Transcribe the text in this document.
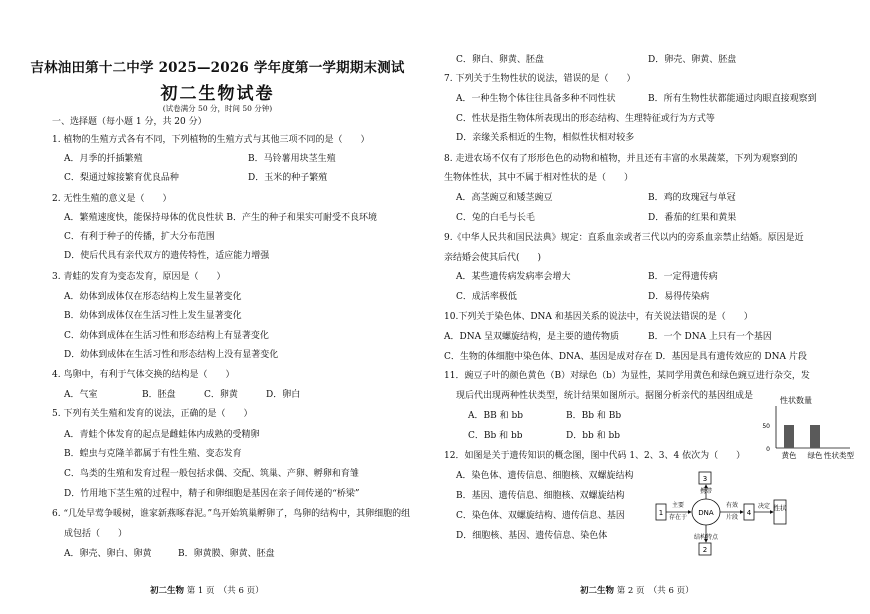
吉林油田第十二中学 2025—2026 学年度第一学期期末测试
初二生物试卷
(试卷满分 50 分，时间 50 分钟)
一、选择题（每小题 1 分，共 20 分）
1. 植物的生殖方式各有不同，下列植物的生殖方式与其他三项不同的是（　　）
A．月季的扦插繁殖	B．马铃薯用块茎生殖
C．梨通过嫁接繁育优良品种	D．玉米的种子繁殖
2. 无性生殖的意义是（　　）
A．繁殖速度快，能保持母体的优良性状 B．产生的种子和果实可耐受不良环境
C．有利于种子的传播，扩大分布范围
D．使后代具有亲代双方的遗传特性，适应能力增强
3. 青蛙的发育为变态发育，原因是（　　）
A．幼体到成体仅在形态结构上发生显著变化
B．幼体到成体仅在生活习性上发生显著变化
C．幼体到成体在生活习性和形态结构上有显著变化
D．幼体到成体在生活习性和形态结构上没有显著变化
4. 鸟卵中，有利于气体交换的结构是（　　）
A．气室	B．胚盘	C．卵黄	D．卵白
5. 下列有关生殖和发育的说法，正确的是（　　）
A．青蛙个体发育的起点是雌蛙体内成熟的受精卵
B．蝗虫与克隆羊都属于有性生殖、变态发育
C．鸟类的生殖和发育过程一般包括求偶、交配、筑巢、产卵、孵卵和育雏
D．竹用地下茎生殖的过程中，精子和卵细胞是基因在亲子间传递的“桥梁”
6. “几处早莺争暖树，谁家新燕啄春泥。”鸟开始筑巢孵卵了，鸟卵的结构中，其卵细胞的组
成包括（　　）
A．卵壳、卵白、卵黄	B．卵黄膜、卵黄、胚盘
初二生物 第 1 页　（共 6 页）
C．卵白、卵黄、胚盘	D．卵壳、卵黄、胚盘
7. 下列关于生物性状的说法，错误的是（　　）
A．一种生物个体往往具备多种不同性状	B．所有生物性状都能通过肉眼直接观察到
C．性状是指生物体所表现出的形态结构、生理特征或行为方式等
D．亲缘关系相近的生物，相似性状相对较多
8. 走进农场不仅有了形形色色的动物和植物，并且还有丰富的水果蔬菜，下列为观察到的
生物体性状，其中不属于相对性状的是（　　）
A．高茎豌豆和矮茎豌豆	B．鸡的玫瑰冠与单冠
C．兔的白毛与长毛	D．番茄的红果和黄果
9.《中华人民共和国民法典》规定：直系血亲或者三代以内的旁系血亲禁止结婚。原因是近
亲结婚会使其后代(　　)
A．某些遗传病发病率会增大	B．一定得遗传病
C．成活率极低	D．易得传染病
10.下列关于染色体、DNA 和基因关系的说法中，有关说法错误的是（　　）
A．DNA 呈双螺旋结构，是主要的遗传物质	B．一个 DNA 上只有一个基因
C．生物的体细胞中染色体、DNA、基因是成对存在 D．基因是具有遗传效应的 DNA 片段
11．豌豆子叶的颜色黄色（B）对绿色（b）为显性，某同学用黄色和绿色豌豆进行杂交，发
现后代出现两种性状类型，统计结果如图所示。据图分析亲代的基因组成是
A．BB 和 bb	B．Bb 和 Bb
C．Bb 和 bb	D．bb 和 bb
12．如图是关于遗传知识的概念图，图中代码 1、2、3、4 依次为（　　）
A．染色体、遗传信息、细胞核、双螺旋结构
B．基因、遗传信息、细胞核、双螺旋结构
C．染色体、双螺旋结构、遗传信息、基因
D．细胞核、基因、遗传信息、染色体
初二生物 第 2 页　（共 6 页）
性状数量
0
50
黄色 绿色 性状类型
1
3
2
DNA	4
性状
主要
存在于
携带
结构特点
有效
片段
决定
